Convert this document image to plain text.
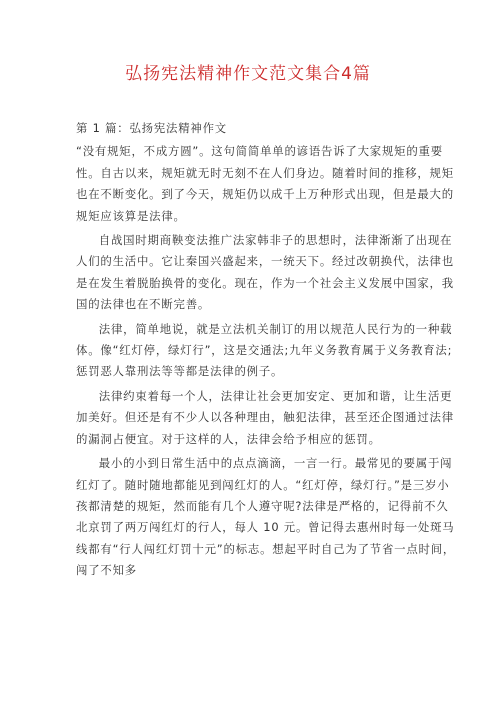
弘扬宪法精神作文范文集合4篇

第 1 篇：弘扬宪法精神作文

“没有规矩，不成方圆”。这句简简单单的谚语告诉了大家规矩的重要性。自古以来，规矩就无时无刻不在人们身边。随着时间的推移，规矩也在不断变化。到了今天，规矩仍以成千上万种形式出现，但是最大的规矩应该算是法律。

自战国时期商鞅变法推广法家韩非子的思想时，法律渐渐了出现在人们的生活中。它让秦国兴盛起来，一统天下。经过改朝换代，法律也是在发生着脱胎换骨的变化。现在，作为一个社会主义发展中国家，我国的法律也在不断完善。

法律，简单地说，就是立法机关制订的用以规范人民行为的一种载体。像“红灯停，绿灯行”，这是交通法;九年义务教育属于义务教育法;惩罚恶人靠刑法等等都是法律的例子。

法律约束着每一个人，法律让社会更加安定、更加和谐，让生活更加美好。但还是有不少人以各种理由，触犯法律，甚至还企图通过法律的漏洞占便宜。对于这样的人，法律会给予相应的惩罚。

最小的小到日常生活中的点点滴滴，一言一行。最常见的要属于闯红灯了。随时随地都能见到闯红灯的人。“红灯停，绿灯行。”是三岁小孩都清楚的规矩，然而能有几个人遵守呢?法律是严格的，记得前不久北京罚了两万闯红灯的行人，每人 10 元。曾记得去惠州时每一处斑马线都有“行人闯红灯罚十元”的标志。想起平时自己为了节省一点时间，闯了不知多
